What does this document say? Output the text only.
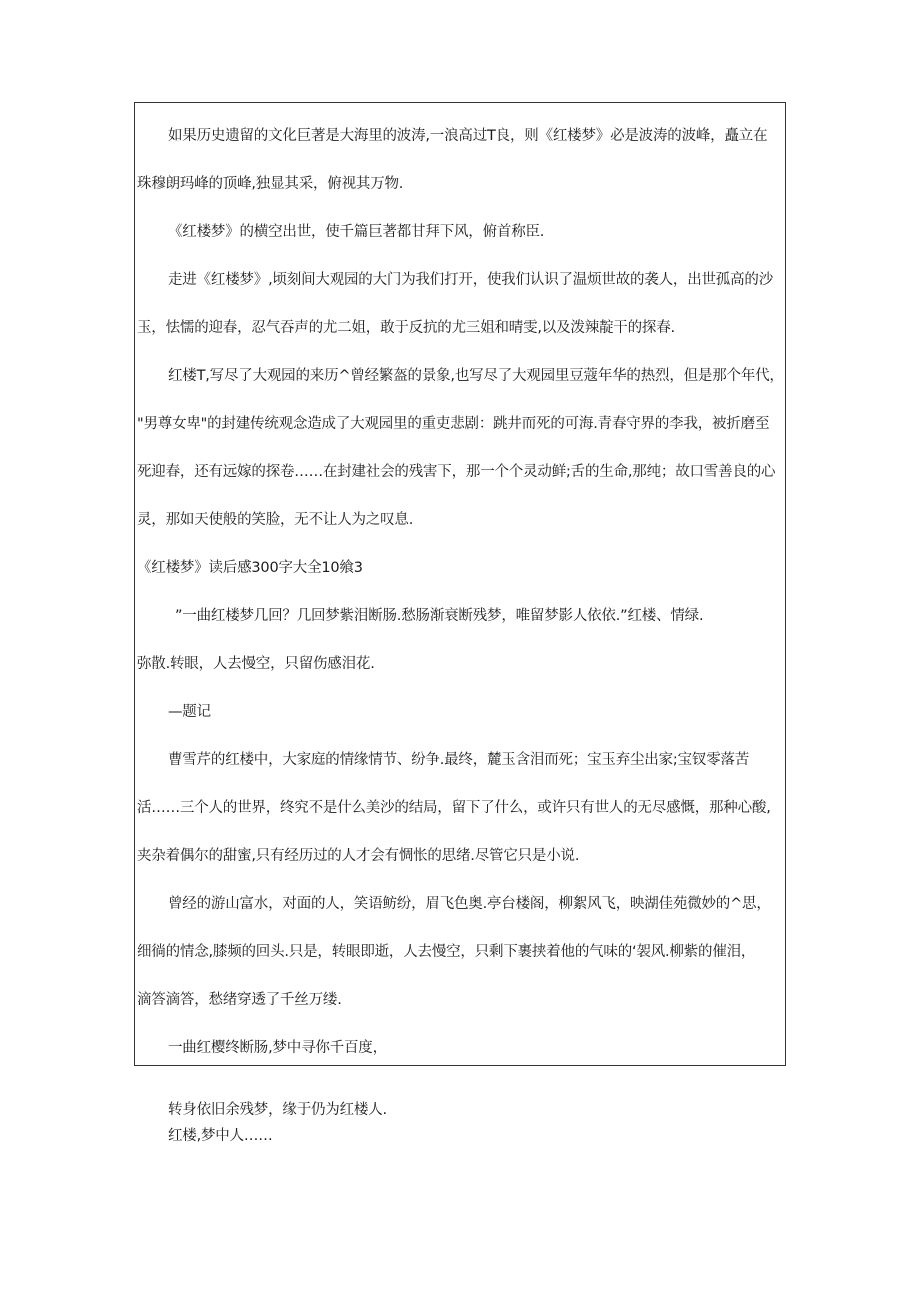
如果历史遗留的文化巨著是大海里的波涛,一浪高过T良，则《红楼梦》必是波涛的波峰，矗立在

珠穆朗玛峰的顶峰,独显其采，俯视其万物.

《红楼梦》的横空出世，使千篇巨著都甘拜下风，俯首称臣.

走进《红楼梦》,顷刻间大观园的大门为我们打开，使我们认识了温烦世故的袭人，出世孤高的沙

玉，怯懦的迎春，忍气吞声的尤二姐，敢于反抗的尤三姐和晴雯,以及泼辣靛干的探春.

红楼T,写尽了大观园的来历^曾经繁盔的景象,也写尽了大观园里豆蔻年华的热烈，但是那个年代，

"男尊女卑"的封建传统观念造成了大观园里的重吏悲剧：跳井而死的可海.青春守界的李我，被折磨至

死迎春，还有远嫁的探卷……在封建社会的残害下，那一个个灵动鲜;舌的生命,那纯；故口雪善良的心

灵，那如天使般的笑脸，无不让人为之叹息.

《红楼梦》读后感300字大全10飨3

”一曲红楼梦几回？几回梦紫泪断肠.愁肠渐衰断残梦，唯留梦影人依依.”红楼、情绿.

弥散.转眼，人去慢空，只留伤感泪花.

—题记

曹雪芹的红楼中，大家庭的情缘情节、纷争.最终，麓玉含泪而死；宝玉弃尘出家;宝钗零落苦

活……三个人的世界，终究不是什么美沙的结局，留下了什么，或许只有世人的无尽感慨，那种心酸,

夹杂着偶尔的甜蜜,只有经历过的人才会有惆怅的思绪.尽管它只是小说.

曾经的游山富水，对面的人，笑语鲂纷，眉飞色奥.亭台楼阁，柳絮风飞，映湖佳苑微妙的^思，

细徜的情念,膝频的回头.只是，转眼即逝，人去慢空，只剩下裹挟着他的气味的‘袈风.柳紫的催泪，

滴答滴答，愁绪穿透了千丝万缕.

一曲红樱终断肠,梦中寻你千百度，

转身依旧余残梦，缘于仍为红楼人.

红楼,梦中人……
